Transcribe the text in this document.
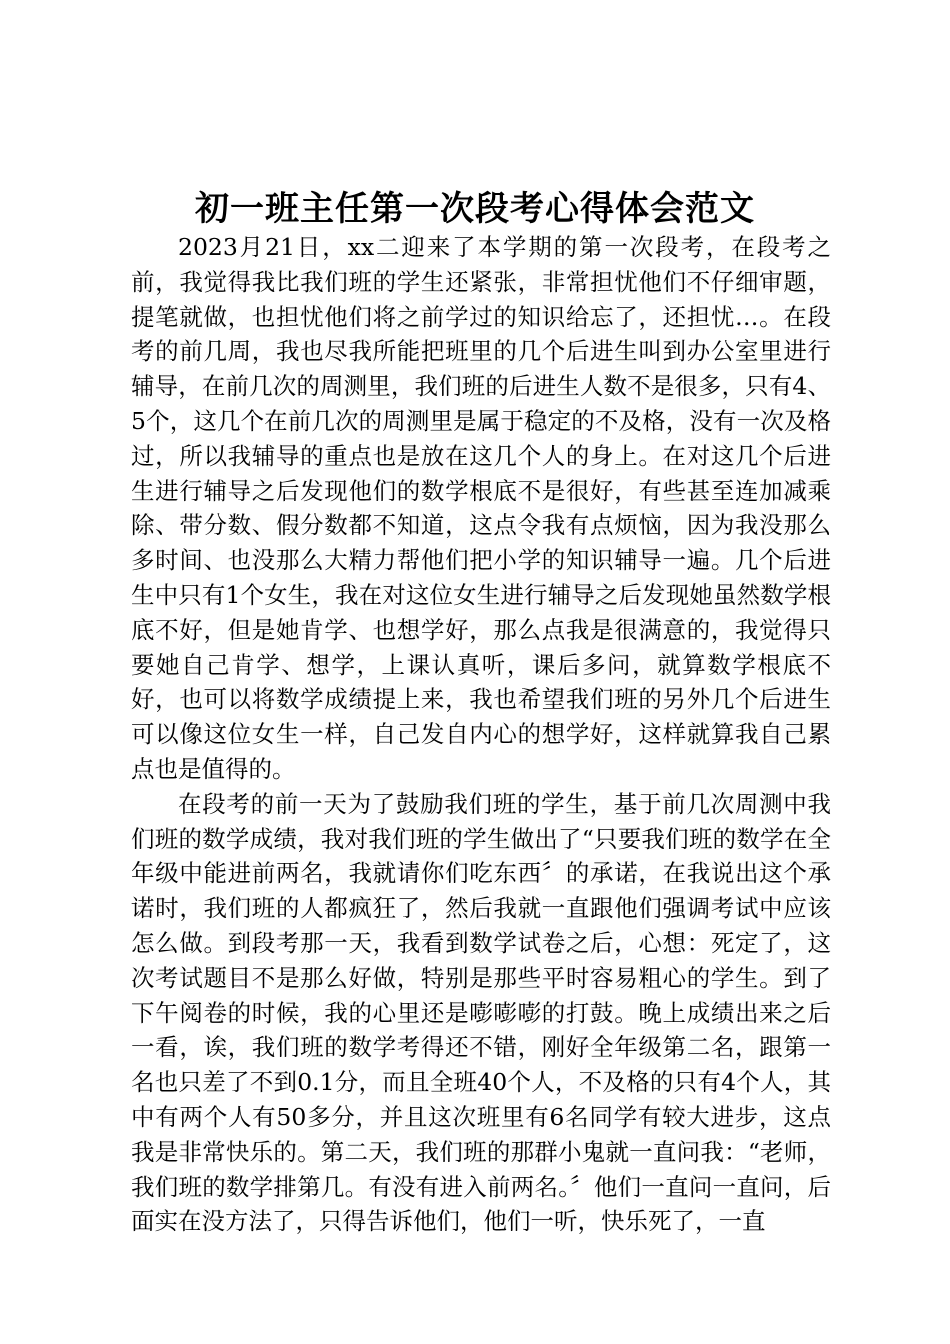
初一班主任第一次段考心得体会范文

2023月21日，xx二迎来了本学期的第一次段考，在段考之前，我觉得我比我们班的学生还紧张，非常担忧他们不仔细审题，提笔就做，也担忧他们将之前学过的知识给忘了，还担忧…。在段考的前几周，我也尽我所能把班里的几个后进生叫到办公室里进行辅导，在前几次的周测里，我们班的后进生人数不是很多，只有4、5个，这几个在前几次的周测里是属于稳定的不及格，没有一次及格过，所以我辅导的重点也是放在这几个人的身上。在对这几个后进生进行辅导之后发现他们的数学根底不是很好，有些甚至连加减乘除、带分数、假分数都不知道，这点令我有点烦恼，因为我没那么多时间、也没那么大精力帮他们把小学的知识辅导一遍。几个后进生中只有1个女生，我在对这位女生进行辅导之后发现她虽然数学根底不好，但是她肯学、也想学好，那么点我是很满意的，我觉得只要她自己肯学、想学，上课认真听，课后多问，就算数学根底不好，也可以将数学成绩提上来，我也希望我们班的另外几个后进生可以像这位女生一样，自己发自内心的想学好，这样就算我自己累点也是值得的。

在段考的前一天为了鼓励我们班的学生，基于前几次周测中我们班的数学成绩，我对我们班的学生做出了“只要我们班的数学在全年级中能进前两名，我就请你们吃东西〞的承诺，在我说出这个承诺时，我们班的人都疯狂了，然后我就一直跟他们强调考试中应该怎么做。到段考那一天，我看到数学试卷之后，心想：死定了，这次考试题目不是那么好做，特别是那些平时容易粗心的学生。到了下午阅卷的时候，我的心里还是嘭嘭嘭的打鼓。晚上成绩出来之后一看，诶，我们班的数学考得还不错，刚好全年级第二名，跟第一名也只差了不到0.1分，而且全班40个人，不及格的只有4个人，其中有两个人有50多分，并且这次班里有6名同学有较大进步，这点我是非常快乐的。第二天，我们班的那群小鬼就一直问我：“老师，我们班的数学排第几。有没有进入前两名。〞他们一直问一直问，后面实在没方法了，只得告诉他们，他们一听，快乐死了，一直
